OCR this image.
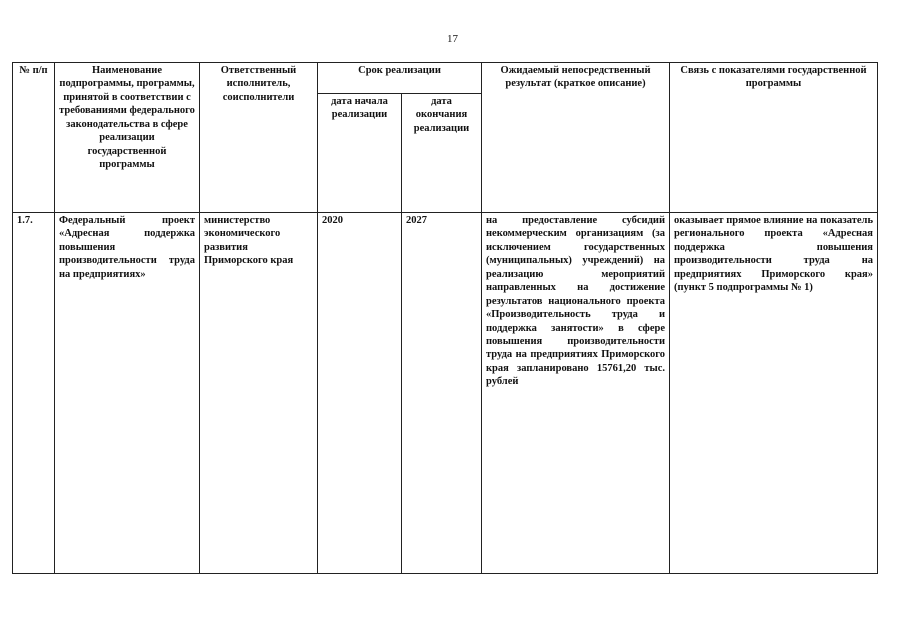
17
№ п/п	Наименование подпрограммы, программы, принятой в соответствии с требованиями федерального законодательства в сфере реализации государственной программы	Ответственный исполнитель, соисполнители	Срок реализации		Ожидаемый непосредственный результат (краткое описание)	Связь с показателями государственной программы
			дата начала реализации	дата окончания реализации		
1.7.	Федеральный проект «Адресная поддержка повышения производительности труда на предприятиях»	министерство экономического развития Приморского края	2020	2027	на предоставление субсидий некоммерческим организациям (за исключением государственных (муниципальных) учреждений) на реализацию мероприятий направленных на достижение результатов национального проекта «Производительность труда и поддержка занятости» в сфере повышения производительности труда на предприятиях Приморского края запланировано 15761,20 тыс. рублей	оказывает прямое влияние на показатель регионального проекта «Адресная поддержка повышения производительности труда на предприятиях Приморского края» (пункт 5 подпрограммы № 1)
